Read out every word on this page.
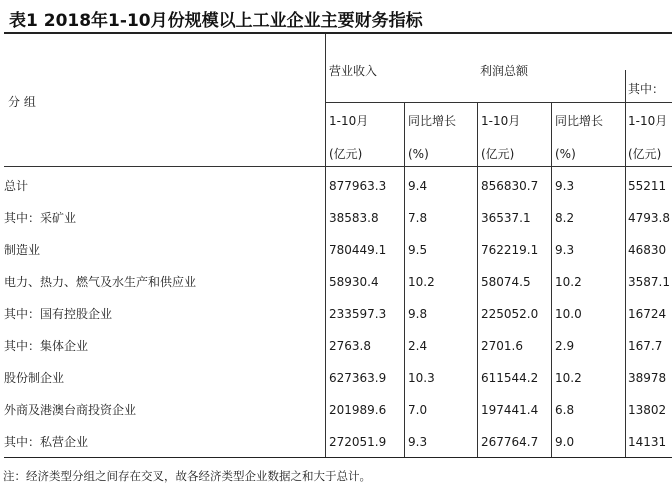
表1 2018年1-10月份规模以上工业企业主要财务指标
分 组
营业收入	利润总额
其中：
1-10月	同比增长 1-10月	同比增长 1-10月
(亿元)	(%)	(亿元)	(%)	(亿元)
总计	877963.3 9.4	856830.7 9.3	55211
其中：采矿业	38583.8 7.8	36537.1 8.2	4793.8
制造业	780449.1 9.5	762219.1 9.3	46830
电力、热力、燃气及水生产和供应业	58930.4 10.2	58074.5 10.2	3587.1
其中：国有控股企业	233597.3 9.8	225052.0 10.0	16724
其中：集体企业	2763.8	2.4	2701.6	2.9	167.7
股份制企业	627363.9 10.3	611544.2 10.2	38978
外商及港澳台商投资企业	201989.6 7.0	197441.4 6.8	13802
其中：私营企业	272051.9 9.3	267764.7 9.0	14131
注：经济类型分组之间存在交叉，故各经济类型企业数据之和大于总计。
